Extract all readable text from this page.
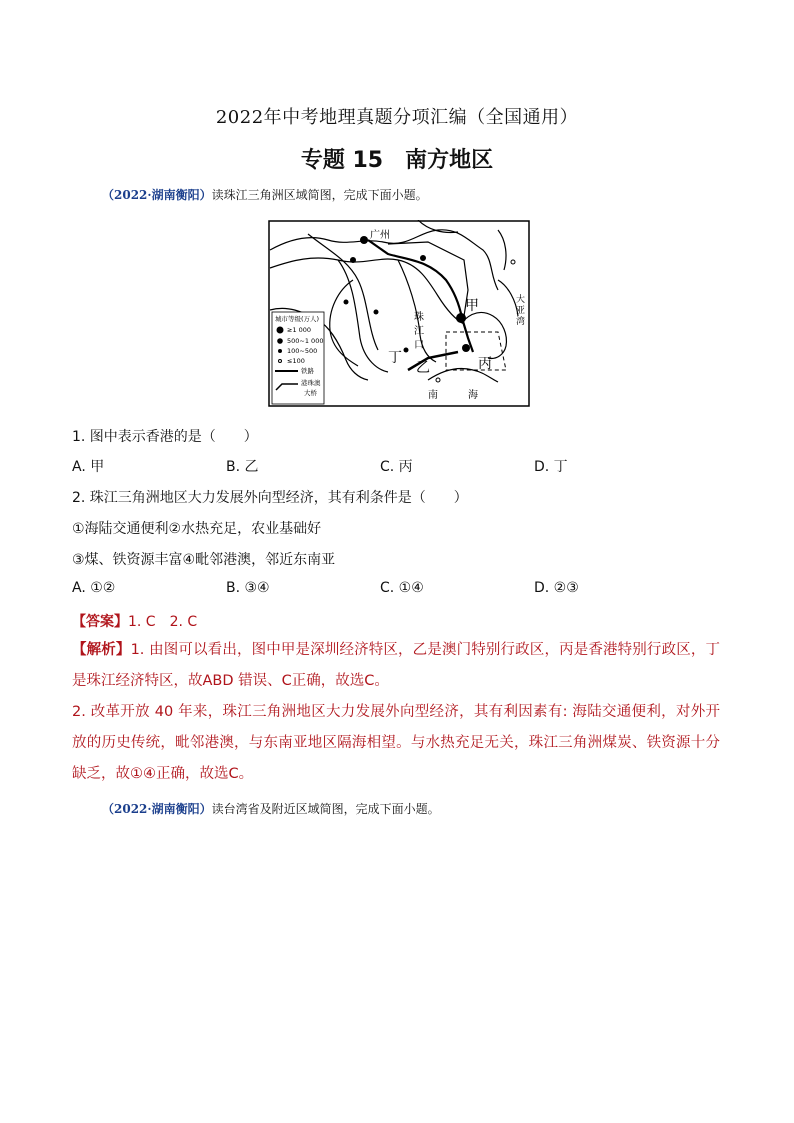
2022年中考地理真题分项汇编（全国通用）
专题 15 南方地区
（2022·湖南衡阳）读珠江三角洲区域简图，完成下面小题。
广州
甲
乙	丙
丁
珠
江
口
大
亚
湾
南	海
城市等级(万人)
≥1 000
500~1 000
100~500
≤100
铁路
港珠澳
大桥
1. 图中表示香港的是（　　）
A. 甲	B. 乙	C. 丙	D. 丁
2. 珠江三角洲地区大力发展外向型经济，其有利条件是（　　）
①海陆交通便利②水热充足，农业基础好
③煤、铁资源丰富④毗邻港澳，邻近东南亚
A. ①②	B. ③④	C. ①④	D. ②③
【答案】1. C　2. C
【解析】1. 由图可以看出，图中甲是深圳经济特区，乙是澳门特别行政区，丙是香港特别行政区，丁是珠江经济特区，故ABD 错误、C正确，故选C。
2. 改革开放 40 年来，珠江三角洲地区大力发展外向型经济，其有利因素有: 海陆交通便利，对外开放的历史传统，毗邻港澳，与东南亚地区隔海相望。与水热充足无关，珠江三角洲煤炭、铁资源十分缺乏，故①④正确，故选C。
（2022·湖南衡阳）读台湾省及附近区域简图，完成下面小题。
